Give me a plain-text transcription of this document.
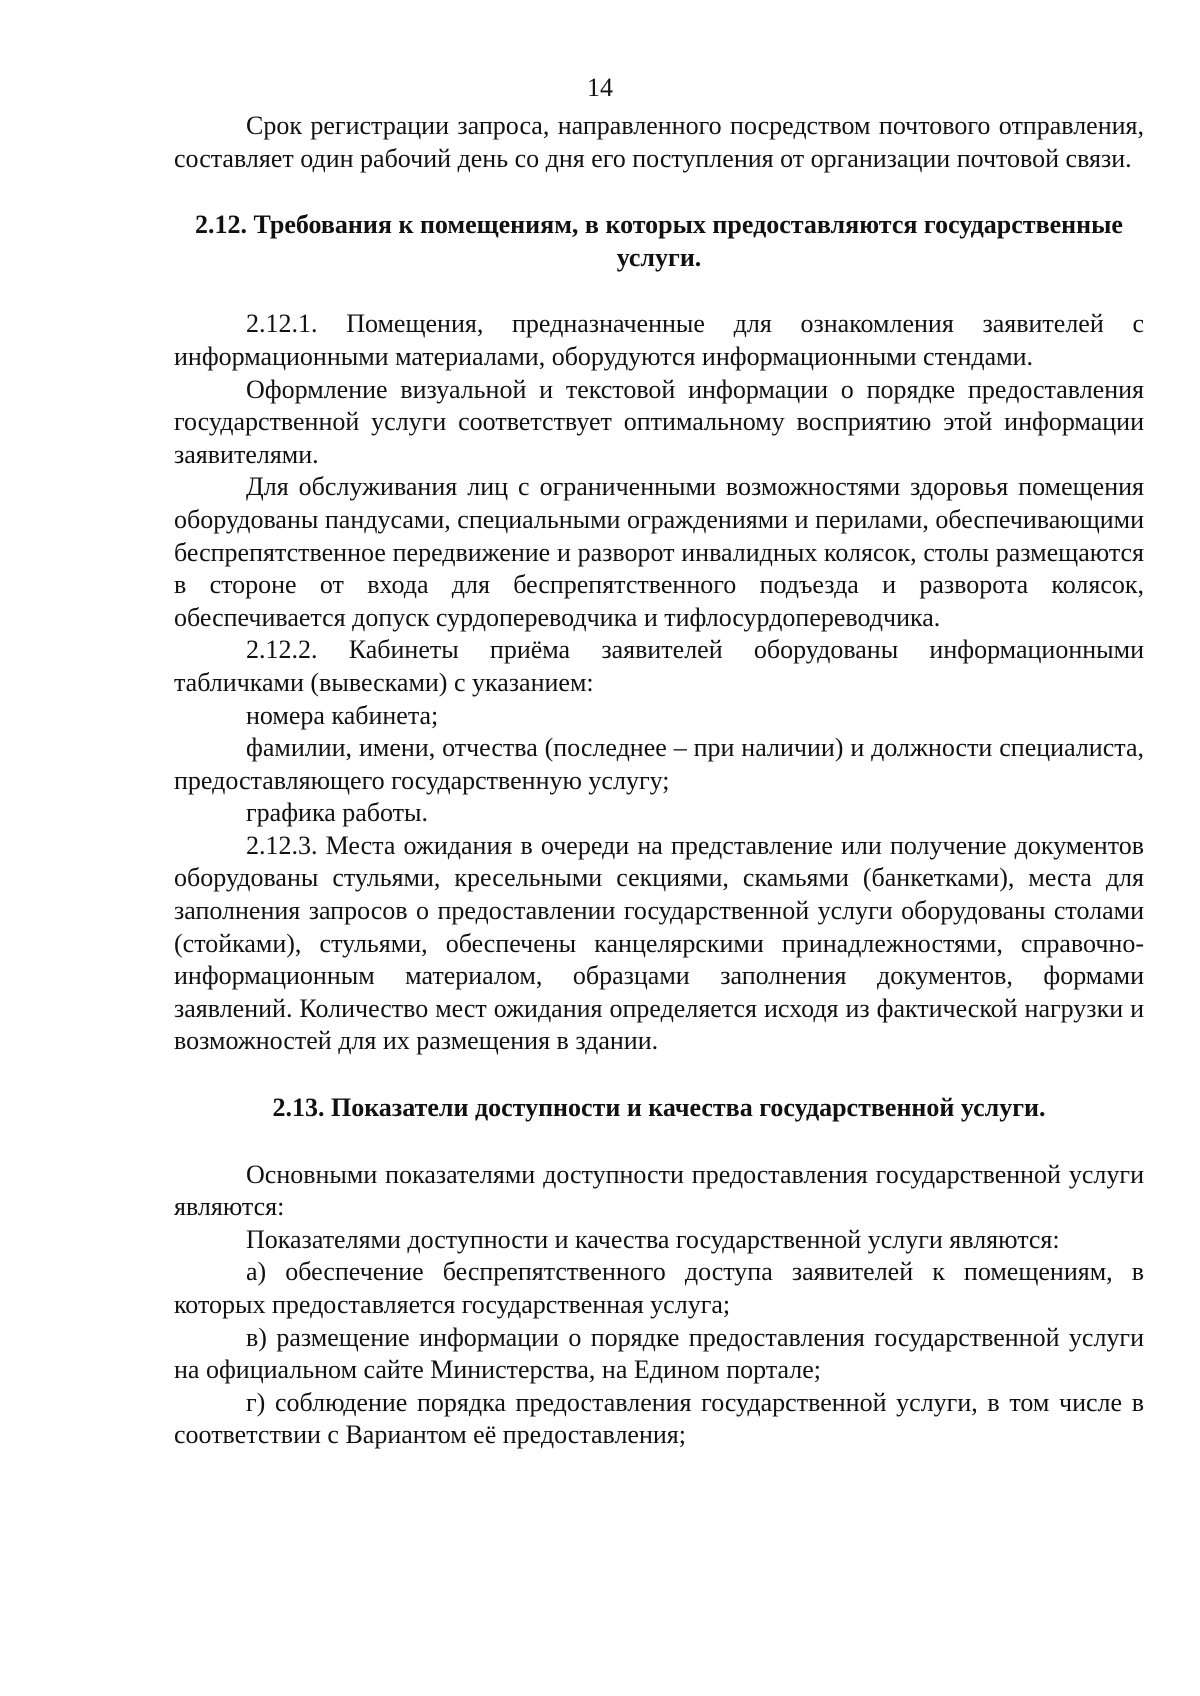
14

Срок регистрации запроса, направленного посредством почтового отправления, составляет один рабочий день со дня его поступления от организации почтовой связи.

2.12. Требования к помещениям, в которых предоставляются государственные услуги.

2.12.1. Помещения, предназначенные для ознакомления заявителей с информационными материалами, оборудуются информационными стендами.

Оформление визуальной и текстовой информации о порядке предоставления государственной услуги соответствует оптимальному восприятию этой информации заявителями.

Для обслуживания лиц с ограниченными возможностями здоровья помещения оборудованы пандусами, специальными ограждениями и перилами, обеспечивающими беспрепятственное передвижение и разворот инвалидных колясок, столы размещаются в стороне от входа для беспрепятственного подъезда и разворота колясок, обеспечивается допуск сурдопереводчика и тифлосурдопереводчика.

2.12.2. Кабинеты приёма заявителей оборудованы информационными табличками (вывесками) с указанием:

номера кабинета;

фамилии, имени, отчества (последнее – при наличии) и должности специалиста, предоставляющего государственную услугу;

графика работы.

2.12.3. Места ожидания в очереди на представление или получение документов оборудованы стульями, кресельными секциями, скамьями (банкетками), места для заполнения запросов о предоставлении государственной услуги оборудованы столами (стойками), стульями, обеспечены канцелярскими принадлежностями, справочно-информационным материалом, образцами заполнения документов, формами заявлений. Количество мест ожидания определяется исходя из фактической нагрузки и возможностей для их размещения в здании.

2.13. Показатели доступности и качества государственной услуги.

Основными показателями доступности предоставления государственной услуги являются:

Показателями доступности и качества государственной услуги являются:

а) обеспечение беспрепятственного доступа заявителей к помещениям, в которых предоставляется государственная услуга;

в) размещение информации о порядке предоставления государственной услуги на официальном сайте Министерства, на Едином портале;

г) соблюдение порядка предоставления государственной услуги, в том числе в соответствии с Вариантом её предоставления;
